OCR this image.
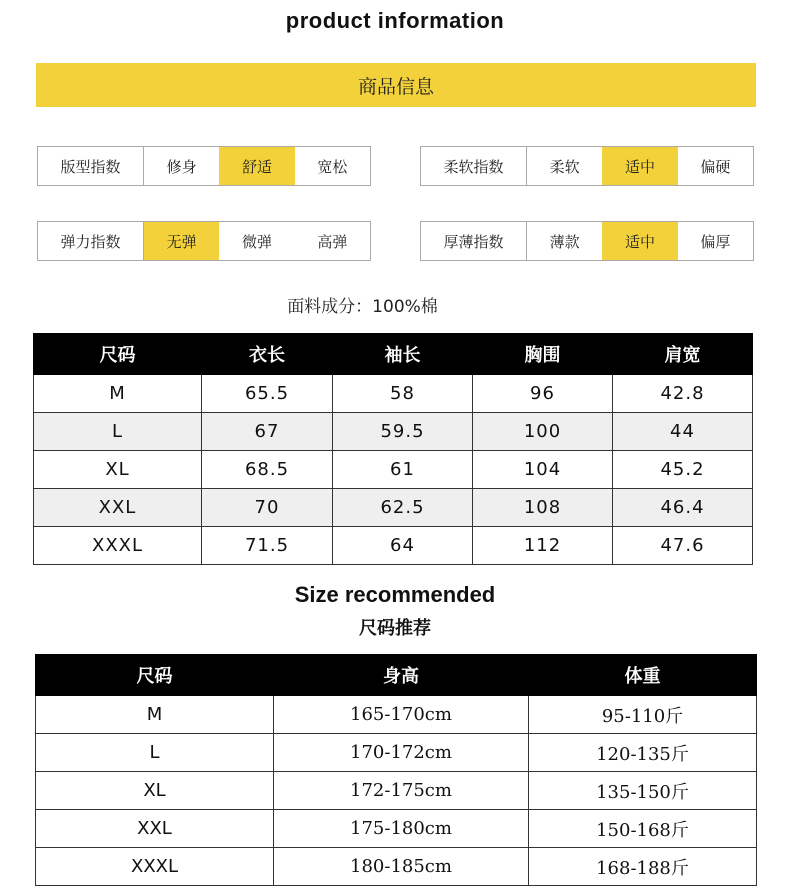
product information
商品信息
版型指数	修身	舒适	宽松	柔软指数	柔软	适中	偏硬
弹力指数	无弹	微弹	高弹	厚薄指数	薄款	适中	偏厚
面料成分：100%棉
尺码	衣长	袖长	胸围	肩宽
M	65.5	58	96	42.8
L	67	59.5	100	44
XL	68.5	61	104	45.2
XXL	70	62.5	108	46.4
XXXL	71.5	64	112	47.6
Size recommended
尺码推荐
尺码	身高	体重
M	165-170cm	95-110斤
L	170-172cm	120-135斤
XL	172-175cm	135-150斤
XXL	175-180cm	150-168斤
XXXL	180-185cm	168-188斤
